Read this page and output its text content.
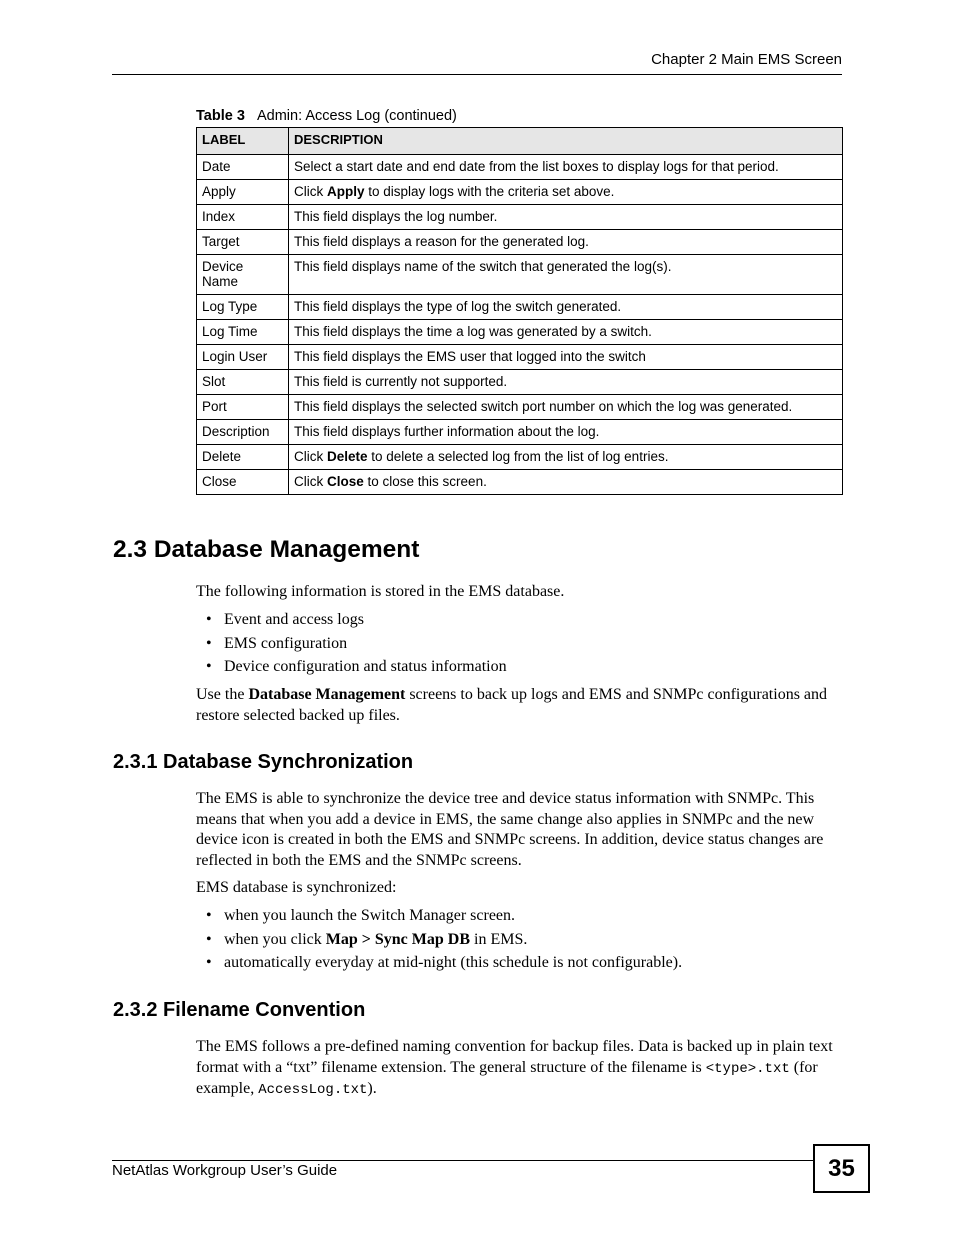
Chapter 2 Main EMS Screen
Table 3 Admin: Access Log (continued)
LABEL	DESCRIPTION
Date	Select a start date and end date from the list boxes to display logs for that period.
Apply	Click Apply to display logs with the criteria set above.
Index	This field displays the log number.
Target	This field displays a reason for the generated log.
Device Name	This field displays name of the switch that generated the log(s).
Log Type	This field displays the type of log the switch generated.
Log Time	This field displays the time a log was generated by a switch.
Login User	This field displays the EMS user that logged into the switch
Slot	This field is currently not supported.
Port	This field displays the selected switch port number on which the log was generated.
Description	This field displays further information about the log.
Delete	Click Delete to delete a selected log from the list of log entries.
Close	Click Close to close this screen.
2.3 Database Management
The following information is stored in the EMS database.
• Event and access logs
• EMS configuration
• Device configuration and status information
Use the Database Management screens to back up logs and EMS and SNMPc configurations and restore selected backed up files.
2.3.1 Database Synchronization
The EMS is able to synchronize the device tree and device status information with SNMPc. This means that when you add a device in EMS, the same change also applies in SNMPc and the new device icon is created in both the EMS and SNMPc screens. In addition, device status changes are reflected in both the EMS and the SNMPc screens.
EMS database is synchronized:
• when you launch the Switch Manager screen.
• when you click Map > Sync Map DB in EMS.
• automatically everyday at mid-night (this schedule is not configurable).
2.3.2 Filename Convention
The EMS follows a pre-defined naming convention for backup files. Data is backed up in plain text format with a “txt” filename extension. The general structure of the filename is <type>.txt (for example, AccessLog.txt).
NetAtlas Workgroup User’s Guide	35
